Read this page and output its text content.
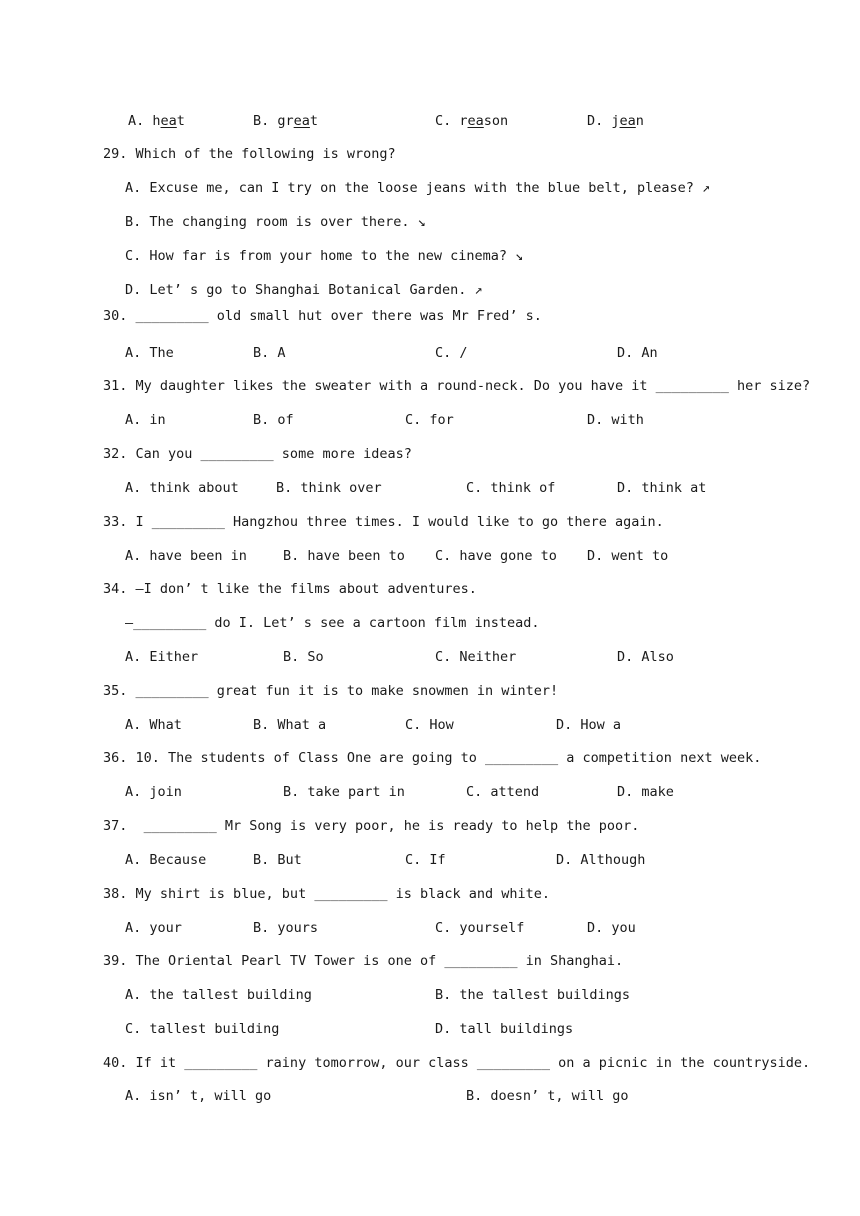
A. heat	B. great	C. reason	D. jean
29. Which of the following is wrong?
A. Excuse me, can I try on the loose jeans with the blue belt, please? ↗
B. The changing room is over there. ↘
C. How far is from your home to the new cinema? ↘
D. Let’ s go to Shanghai Botanical Garden. ↗
30. _________ old small hut over there was Mr Fred’ s.
A. The	B. A	C. /	D. An
31. My daughter likes the sweater with a round-neck. Do you have it _________ her size?
A. in	B. of	C. for	D. with
32. Can you _________ some more ideas?
A. think about	B. think over	C. think of	D. think at
33. I _________ Hangzhou three times. I would like to go there again.
A. have been in	B. have been to C. have gone to D. went to
34. —I don’ t like the films about adventures.
—_________ do I. Let’ s see a cartoon film instead.
A. Either	B. So	C. Neither	D. Also
35. _________ great fun it is to make snowmen in winter!
A. What	B. What a	C. How	D. How a
36. 10. The students of Class One are going to _________ a competition next week.
A. join	B. take part in	C. attend	D. make
37.  _________ Mr Song is very poor, he is ready to help the poor.
A. Because	B. But	C. If	D. Although
38. My shirt is blue, but _________ is black and white.
A. your	B. yours	C. yourself	D. you
39. The Oriental Pearl TV Tower is one of _________ in Shanghai.
A. the tallest building	B. the tallest buildings
C. tallest building	D. tall buildings
40. If it _________ rainy tomorrow, our class _________ on a picnic in the countryside.
A. isn’ t, will go	B. doesn’ t, will go
